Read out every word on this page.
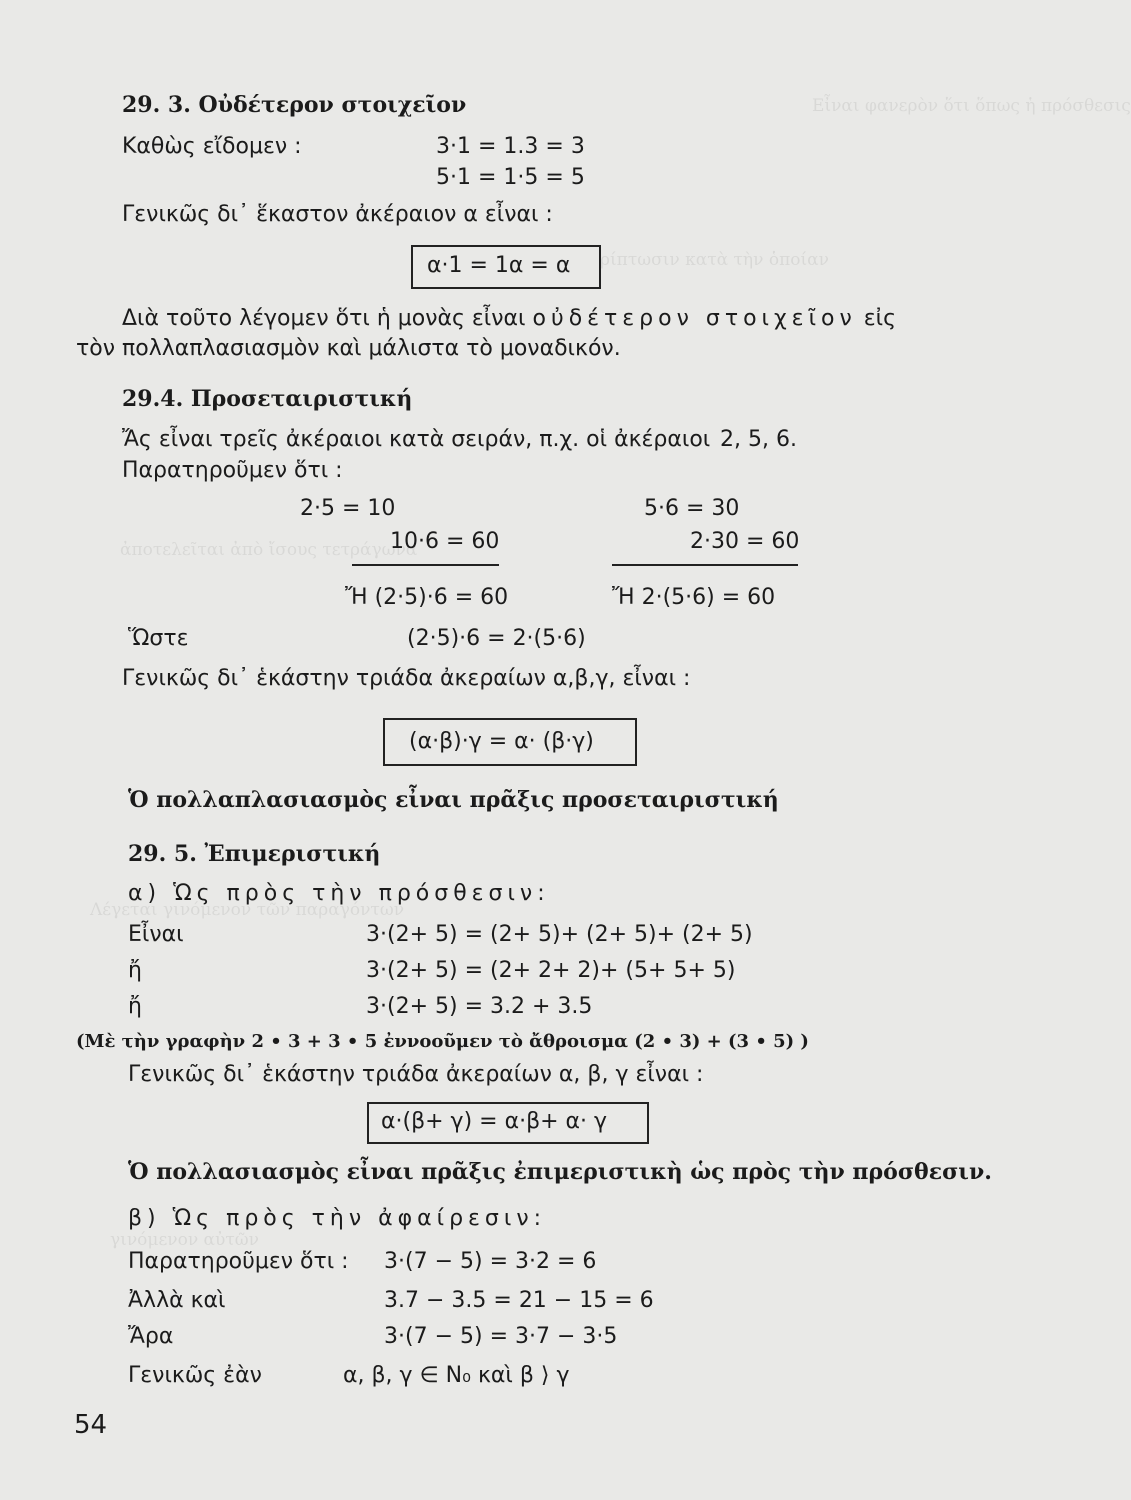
Εἶναι φανερὸν ὅτι ὅπως ἡ πρόσθεσις
ρίπτωσιν κατὰ τὴν ὁποίαν
ἀποτελεῖται ἀπὸ ἴσους τετράγωνα
Λέγεται γινόμενον τῶν παραγόντων
γινόμενον αὐτῶν
29. 3. Οὐδέτερον στοιχεῖον
Καθὼς εἴδομεν :	3·1 = 1.3 = 3
5·1 = 1·5 = 5
Γενικῶς δι᾽ ἕκαστον ἀκέραιον α εἶναι :
α·1 = 1α = α
Διὰ τοῦτο λέγομεν ὅτι ἡ μονὰς εἶναι οὐδέτερον στοιχεῖον εἰς
τὸν πολλαπλασιασμὸν καὶ μάλιστα τὸ μοναδικόν.
29.4. Προσεταιριστική
Ἄς εἶναι τρεῖς ἀκέραιοι κατὰ σειράν, π.χ. οἱ ἀκέραιοι 2, 5, 6.
Παρατηροῦμεν ὅτι :
2·5 = 10
10·6 = 60
Ἤ (2·5)·6 = 60
5·6 = 30
2·30 = 60
Ἤ 2·(5·6) = 60
Ὥστε	(2·5)·6 = 2·(5·6)
Γενικῶς δι᾽ ἑκάστην τριάδα ἀκεραίων α,β,γ, εἶναι :
(α·β)·γ = α· (β·γ)
Ὁ πολλαπλασιασμὸς εἶναι πρᾶξις προσεταιριστική
29. 5. Ἐπιμεριστική
α) Ὡς πρὸς τὴν πρόσθεσιν:
Εἶναι	3·(2+ 5) = (2+ 5)+ (2+ 5)+ (2+ 5)
ἤ	3·(2+ 5) = (2+ 2+ 2)+ (5+ 5+ 5)
ἤ	3·(2+ 5) = 3.2 + 3.5
(Μὲ τὴν γραφὴν 2 • 3 + 3 • 5 ἐννοοῦμεν τὸ ἄθροισμα (2 • 3) + (3 • 5) )
Γενικῶς δι᾽ ἑκάστην τριάδα ἀκεραίων α, β, γ εἶναι :
α·(β+ γ) = α·β+ α· γ
Ὁ πολλασιασμὸς εἶναι πρᾶξις ἐπιμεριστικὴ ὡς πρὸς τὴν πρόσθεσιν.
β) Ὡς πρὸς τὴν ἀφαίρεσιν:
Παρατηροῦμεν ὅτι : 3·(7 − 5) = 3·2 = 6
Ἀλλὰ καὶ	3.7 − 3.5 = 21 − 15 = 6
Ἄρα	3·(7 − 5) = 3·7 − 3·5
Γενικῶς ἐὰν	α, β, γ ∈ N₀ καὶ β ⟩ γ
54
